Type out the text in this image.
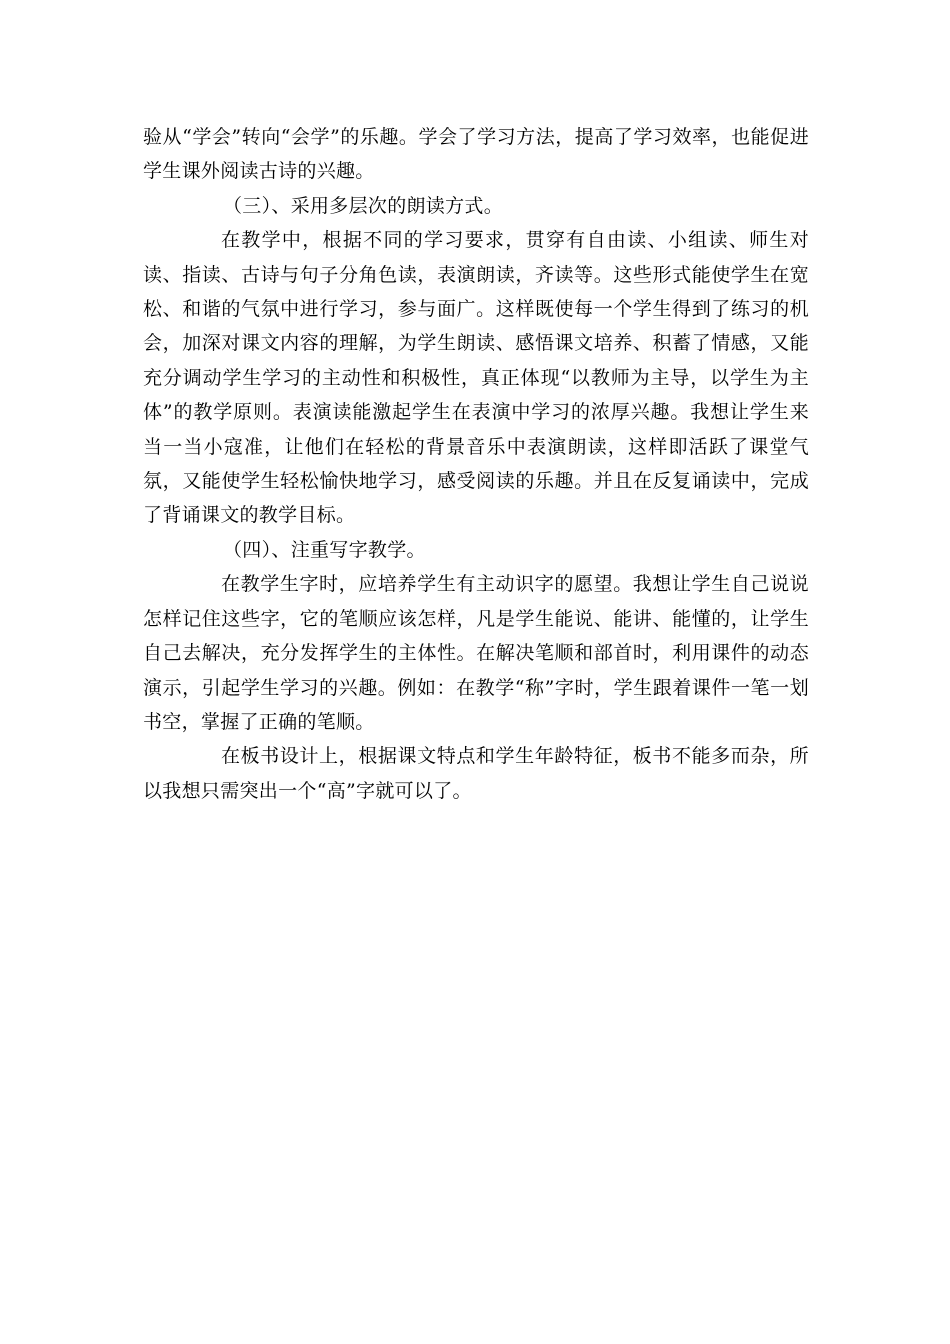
验从“学会”转向“会学”的乐趣。学会了学习方法，提高了学习效率，也能促进学生课外阅读古诗的兴趣。

（三）、采用多层次的朗读方式。

在教学中，根据不同的学习要求，贯穿有自由读、小组读、师生对读、指读、古诗与句子分角色读，表演朗读，齐读等。这些形式能使学生在宽松、和谐的气氛中进行学习，参与面广。这样既使每一个学生得到了练习的机会，加深对课文内容的理解，为学生朗读、感悟课文培养、积蓄了情感，又能充分调动学生学习的主动性和积极性，真正体现“以教师为主导，以学生为主体”的教学原则。表演读能激起学生在表演中学习的浓厚兴趣。我想让学生来当一当小寇准，让他们在轻松的背景音乐中表演朗读，这样即活跃了课堂气氛，又能使学生轻松愉快地学习，感受阅读的乐趣。并且在反复诵读中，完成了背诵课文的教学目标。

（四）、注重写字教学。

在教学生字时，应培养学生有主动识字的愿望。我想让学生自己说说怎样记住这些字，它的笔顺应该怎样，凡是学生能说、能讲、能懂的，让学生自己去解决，充分发挥学生的主体性。在解决笔顺和部首时，利用课件的动态演示，引起学生学习的兴趣。例如：在教学“称”字时，学生跟着课件一笔一划书空，掌握了正确的笔顺。

在板书设计上，根据课文特点和学生年龄特征，板书不能多而杂，所以我想只需突出一个“高”字就可以了。
